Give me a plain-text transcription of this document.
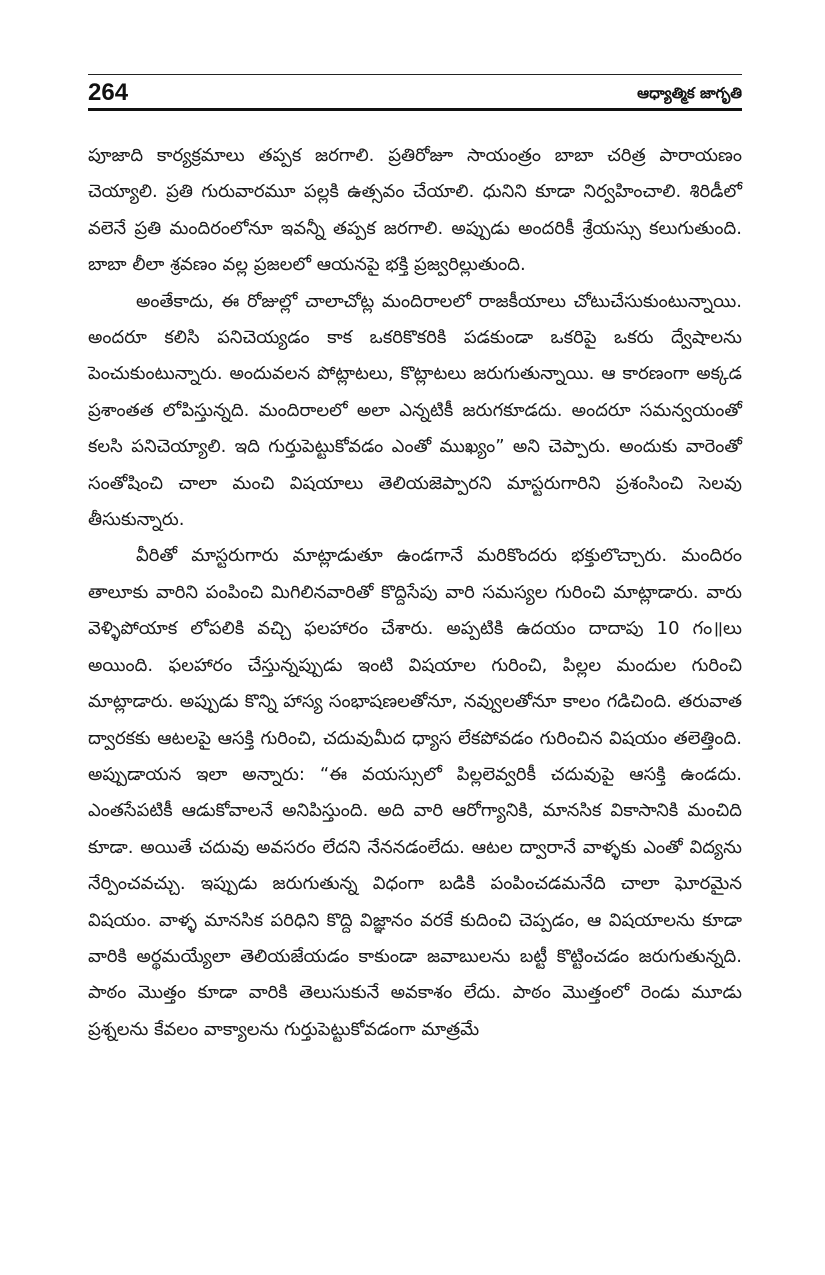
264	ఆధ్యాత్మిక జాగృతి

పూజాది కార్యక్రమాలు తప్పక జరగాలి. ప్రతిరోజూ సాయంత్రం బాబా చరిత్ర పారాయణం చెయ్యాలి. ప్రతి గురువారమూ పల్లకి ఉత్సవం చేయాలి. ధునిని కూడా నిర్వహించాలి. శిరిడీలో వలెనే ప్రతి మందిరంలోనూ ఇవన్నీ తప్పక జరగాలి. అప్పుడు అందరికీ శ్రేయస్సు కలుగుతుంది. బాబా లీలా శ్రవణం వల్ల ప్రజలలో ఆయనపై భక్తి ప్రజ్వరిల్లుతుంది.

అంతేకాదు, ఈ రోజుల్లో చాలాచోట్ల మందిరాలలో రాజకీయాలు చోటుచేసుకుంటున్నాయి. అందరూ కలిసి పనిచెయ్యడం కాక ఒకరికొకరికి పడకుండా ఒకరిపై ఒకరు ద్వేషాలను పెంచుకుంటున్నారు. అందువలన పోట్లాటలు, కొట్లాటలు జరుగుతున్నాయి. ఆ కారణంగా అక్కడ ప్రశాంతత లోపిస్తున్నది. మందిరాలలో అలా ఎన్నటికీ జరుగకూడదు. అందరూ సమన్వయంతో కలసి పనిచెయ్యాలి. ఇది గుర్తుపెట్టుకోవడం ఎంతో ముఖ్యం” అని చెప్పారు. అందుకు వారెంతో సంతోషించి చాలా మంచి విషయాలు తెలియజెప్పారని మాస్టరుగారిని ప్రశంసించి సెలవు తీసుకున్నారు.

వీరితో మాస్టరుగారు మాట్లాడుతూ ఉండగానే మరికొందరు భక్తులొచ్చారు. మందిరం తాలూకు వారిని పంపించి మిగిలినవారితో కొద్దిసేపు వారి సమస్యల గురించి మాట్లాడారు. వారు వెళ్ళిపోయాక లోపలికి వచ్చి ఫలహారం చేశారు. అప్పటికి ఉదయం దాదాపు 10 గం॥లు అయింది. ఫలహారం చేస్తున్నప్పుడు ఇంటి విషయాల గురించి, పిల్లల మందుల గురించి మాట్లాడారు. అప్పుడు కొన్ని హాస్య సంభాషణలతోనూ, నవ్వులతోనూ కాలం గడిచింది. తరువాత ద్వారకకు ఆటలపై ఆసక్తి గురించి, చదువుమీద ధ్యాస లేకపోవడం గురించిన విషయం తలెత్తింది. అప్పుడాయన ఇలా అన్నారు: “ఈ వయస్సులో పిల్లలెవ్వరికీ చదువుపై ఆసక్తి ఉండదు. ఎంతసేపటికీ ఆడుకోవాలనే అనిపిస్తుంది. అది వారి ఆరోగ్యానికి, మానసిక వికాసానికి మంచిది కూడా. అయితే చదువు అవసరం లేదని నేననడంలేదు. ఆటల ద్వారానే వాళ్ళకు ఎంతో విద్యను నేర్పించవచ్చు. ఇప్పుడు జరుగుతున్న విధంగా బడికి పంపించడమనేది చాలా ఘోరమైన విషయం. వాళ్ళ మానసిక పరిధిని కొద్ది విజ్ఞానం వరకే కుదించి చెప్పడం, ఆ విషయాలను కూడా వారికి అర్థమయ్యేలా తెలియజేయడం కాకుండా జవాబులను బట్టీ కొట్టించడం జరుగుతున్నది. పాఠం మొత్తం కూడా వారికి తెలుసుకునే అవకాశం లేదు. పాఠం మొత్తంలో రెండు మూడు ప్రశ్నలను కేవలం వాక్యాలను గుర్తుపెట్టుకోవడంగా మాత్రమే
